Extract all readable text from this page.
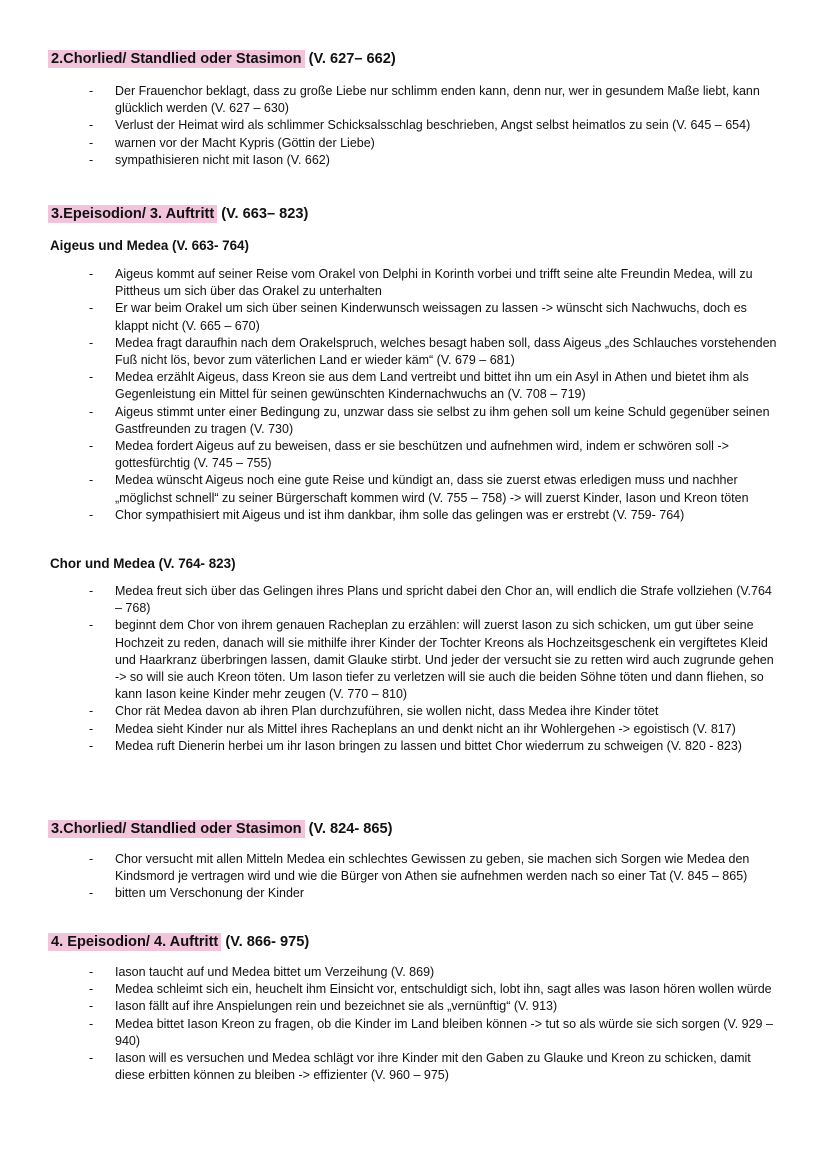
2.Chorlied/ Standlied oder Stasimon (V. 627– 662)
- Der Frauenchor beklagt, dass zu große Liebe nur schlimm enden kann, denn nur, wer in gesundem Maße liebt, kann glücklich werden (V. 627 – 630)
- Verlust der Heimat wird als schlimmer Schicksalsschlag beschrieben, Angst selbst heimatlos zu sein (V. 645 – 654)
- warnen vor der Macht Kypris (Göttin der Liebe)
- sympathisieren nicht mit Iason (V. 662)
3.Epeisodion/ 3. Auftritt (V. 663– 823)
Aigeus und Medea (V. 663- 764)
- Aigeus kommt auf seiner Reise vom Orakel von Delphi in Korinth vorbei und trifft seine alte Freundin Medea, will zu Pittheus um sich über das Orakel zu unterhalten
- Er war beim Orakel um sich über seinen Kinderwunsch weissagen zu lassen -> wünscht sich Nachwuchs, doch es klappt nicht (V. 665 – 670)
- Medea fragt daraufhin nach dem Orakelspruch, welches besagt haben soll, dass Aigeus „des Schlauches vorstehenden Fuß nicht lös, bevor zum väterlichen Land er wieder käm“ (V. 679 – 681)
- Medea erzählt Aigeus, dass Kreon sie aus dem Land vertreibt und bittet ihn um ein Asyl in Athen und bietet ihm als Gegenleistung ein Mittel für seinen gewünschten Kindernachwuchs an (V. 708 – 719)
- Aigeus stimmt unter einer Bedingung zu, unzwar dass sie selbst zu ihm gehen soll um keine Schuld gegenüber seinen Gastfreunden zu tragen (V. 730)
- Medea fordert Aigeus auf zu beweisen, dass er sie beschützen und aufnehmen wird, indem er schwören soll -> gottesfürchtig (V. 745 – 755)
- Medea wünscht Aigeus noch eine gute Reise und kündigt an, dass sie zuerst etwas erledigen muss und nachher „möglichst schnell“ zu seiner Bürgerschaft kommen wird (V. 755 – 758) -> will zuerst Kinder, Iason und Kreon töten
- Chor sympathisiert mit Aigeus und ist ihm dankbar, ihm solle das gelingen was er erstrebt (V. 759- 764)
Chor und Medea (V. 764- 823)
- Medea freut sich über das Gelingen ihres Plans und spricht dabei den Chor an, will endlich die Strafe vollziehen (V.764 – 768)
- beginnt dem Chor von ihrem genauen Racheplan zu erzählen: will zuerst Iason zu sich schicken, um gut über seine Hochzeit zu reden, danach will sie mithilfe ihrer Kinder der Tochter Kreons als Hochzeitsgeschenk ein vergiftetes Kleid und Haarkranz überbringen lassen, damit Glauke stirbt. Und jeder der versucht sie zu retten wird auch zugrunde gehen -> so will sie auch Kreon töten. Um Iason tiefer zu verletzen will sie auch die beiden Söhne töten und dann fliehen, so kann Iason keine Kinder mehr zeugen (V. 770 – 810)
- Chor rät Medea davon ab ihren Plan durchzuführen, sie wollen nicht, dass Medea ihre Kinder tötet
- Medea sieht Kinder nur als Mittel ihres Racheplans an und denkt nicht an ihr Wohlergehen -> egoistisch (V. 817)
- Medea ruft Dienerin herbei um ihr Iason bringen zu lassen und bittet Chor wiederrum zu schweigen (V. 820 - 823)
3.Chorlied/ Standlied oder Stasimon (V. 824- 865)
- Chor versucht mit allen Mitteln Medea ein schlechtes Gewissen zu geben, sie machen sich Sorgen wie Medea den Kindsmord je vertragen wird und wie die Bürger von Athen sie aufnehmen werden nach so einer Tat (V. 845 – 865)
- bitten um Verschonung der Kinder
4. Epeisodion/ 4. Auftritt (V. 866- 975)
- Iason taucht auf und Medea bittet um Verzeihung (V. 869)
- Medea schleimt sich ein, heuchelt ihm Einsicht vor, entschuldigt sich, lobt ihn, sagt alles was Iason hören wollen würde
- Iason fällt auf ihre Anspielungen rein und bezeichnet sie als „vernünftig“ (V. 913)
- Medea bittet Iason Kreon zu fragen, ob die Kinder im Land bleiben können -> tut so als würde sie sich sorgen (V. 929 – 940)
- Iason will es versuchen und Medea schlägt vor ihre Kinder mit den Gaben zu Glauke und Kreon zu schicken, damit diese erbitten können zu bleiben -> effizienter (V. 960 – 975)
